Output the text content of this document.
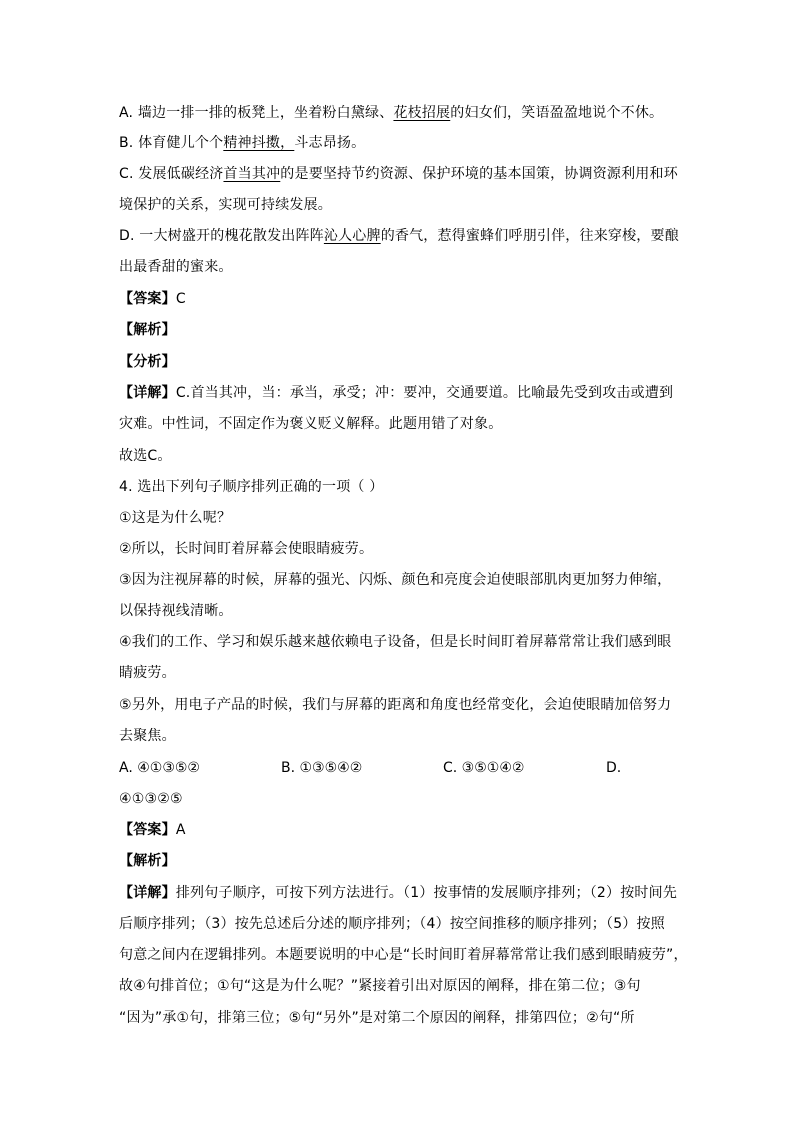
A. 墙边一排一排的板凳上，坐着粉白黛绿、花枝招展的妇女们，笑语盈盈地说个不休。
B. 体育健儿个个精神抖擞，斗志昂扬。
C. 发展低碳经济首当其冲的是要坚持节约资源、保护环境的基本国策，协调资源利用和环
境保护的关系，实现可持续发展。
D. 一大树盛开的槐花散发出阵阵沁人心脾的香气，惹得蜜蜂们呼朋引伴，往来穿梭，要酿
出最香甜的蜜来。
【答案】C
【解析】
【分析】
【详解】C.首当其冲，当：承当，承受；冲：要冲，交通要道。比喻最先受到攻击或遭到
灾难。中性词，不固定作为褒义贬义解释。此题用错了对象。
故选C。
4. 选出下列句子顺序排列正确的一项（ ）
①这是为什么呢？
②所以，长时间盯着屏幕会使眼睛疲劳。
③因为注视屏幕的时候，屏幕的强光、闪烁、颜色和亮度会迫使眼部肌肉更加努力伸缩，
以保持视线清晰。
④我们的工作、学习和娱乐越来越依赖电子设备，但是长时间盯着屏幕常常让我们感到眼
睛疲劳。
⑤另外，用电子产品的时候，我们与屏幕的距离和角度也经常变化，会迫使眼睛加倍努力
去聚焦。
A. ④①③⑤②	B. ①③⑤④②	C. ③⑤①④②	D.
④①③②⑤
【答案】A
【解析】
【详解】排列句子顺序，可按下列方法进行。（1）按事情的发展顺序排列；（2）按时间先
后顺序排列；（3）按先总述后分述的顺序排列；（4）按空间推移的顺序排列；（5）按照
句意之间内在逻辑排列。本题要说明的中心是“长时间盯着屏幕常常让我们感到眼睛疲劳”，
故④句排首位；①句“这是为什么呢？”紧接着引出对原因的阐释，排在第二位；③句
“因为”承①句，排第三位；⑤句“另外”是对第二个原因的阐释，排第四位；②句“所
